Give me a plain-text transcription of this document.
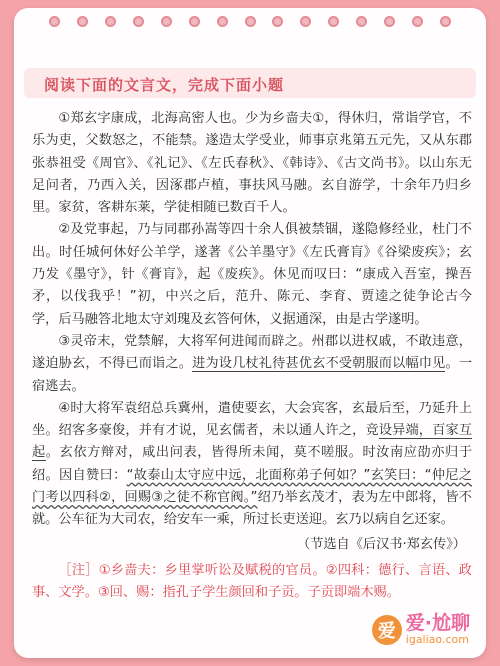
阅读下面的文言文，完成下面小题

①郑玄字康成，北海高密人也。少为乡啬夫①，得休归，常诣学官，不乐为吏，父数怒之，不能禁。遂造太学受业，师事京兆第五元先，又从东郡张恭祖受《周官》、《礼记》、《左氏春秋》、《韩诗》、《古文尚书》。以山东无足问者，乃西入关，因涿郡卢植，事扶风马融。玄自游学，十余年乃归乡里。家贫，客耕东莱，学徒相随已数百千人。

②及党事起，乃与同郡孙嵩等四十余人俱被禁锢，遂隐修经业，杜门不出。时任城何休好公羊学，遂著《公羊墨守》《左氏膏肓》《谷梁废疾》；玄乃发《墨守》，针《膏肓》，起《废疾》。休见而叹曰：“康成入吾室，操吾矛，以伐我乎！”初，中兴之后，范升、陈元、李育、贾逵之徒争论古今学，后马融答北地太守刘瑰及玄答何休，义据通深，由是古学遂明。

③灵帝末，党禁解，大将军何进闻而辟之。州郡以进权戚，不敢违意，遂迫胁玄，不得已而诣之。进为设几杖礼待甚优玄不受朝服而以幅巾见。一宿逃去。

④时大将军袁绍总兵冀州，遣使要玄，大会宾客，玄最后至，乃延升上坐。绍客多豪俊，并有才说，见玄儒者，未以通人许之，竞设异端，百家互起。玄依方辩对，咸出问表，皆得所未闻，莫不嗟服。时汝南应劭亦归于绍。因自赞曰：“故泰山太守应中远，北面称弟子何如？”玄笑曰：“仲尼之门考以四科②，回赐③之徒不称官阀。”绍乃举玄茂才，表为左中郎将，皆不就。公车征为大司农，给安车一乘，所过长吏送迎。玄乃以病自乞还家。

（节选自《后汉书·郑玄传》）

［注］①乡啬夫：乡里掌听讼及赋税的官员。②四科：德行、言语、政事、文学。③回、赐：指孔子学生颜回和子贡。子贡即端木赐。

爱 爱·尬聊
igaliao.com
